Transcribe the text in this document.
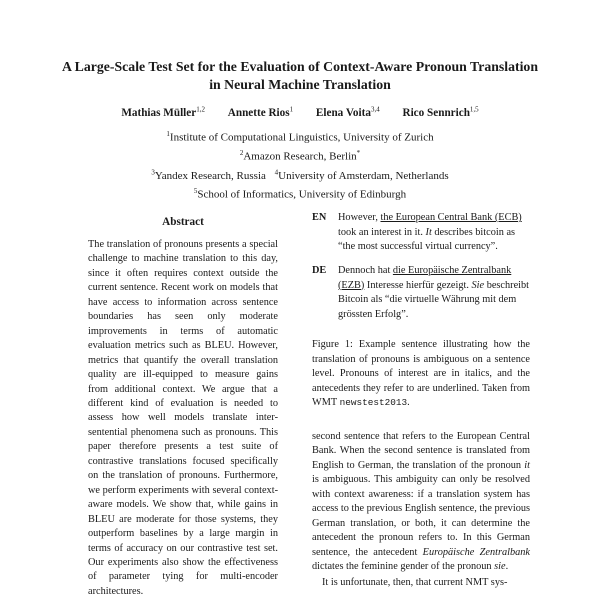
A Large-Scale Test Set for the Evaluation of Context-Aware Pronoun Translation in Neural Machine Translation
Mathias Müller$^{1,2}$ Annette Rios$^1$ Elena Voita$^{3,4}$ Rico Sennrich$^{1,5}$
$^1$Institute of Computational Linguistics, University of Zurich
$^2$Amazon Research, Berlin*
$^3$Yandex Research, Russia $^4$University of Amsterdam, Netherlands
$^5$School of Informatics, University of Edinburgh
Abstract
The translation of pronouns presents a special challenge to machine translation to this day, since it often requires context outside the current sentence. Recent work on models that have access to information across sentence boundaries has seen only moderate improvements in terms of automatic evaluation metrics such as BLEU. However, metrics that quantify the overall translation quality are ill-equipped to measure gains from additional context. We argue that a different kind of evaluation is needed to assess how well models translate inter-sentential phenomena such as pronouns. This paper therefore presents a test suite of contrastive translations focused specifically on the translation of pronouns. Furthermore, we perform experiments with several context-aware models. We show that, while gains in BLEU are moderate for those systems, they outperform baselines by a large margin in terms of accuracy on our contrastive test set. Our experiments also show the effectiveness of parameter tying for multi-encoder architectures.
EN However, the European Central Bank (ECB) took an interest in it. It describes bitcoin as “the most successful virtual currency”.
DE Dennoch hat die Europäische Zentralbank (EZB) Interesse hierfür gezeigt. Sie beschreibt Bitcoin als “die virtuelle Währung mit dem grössten Erfolg”.
Figure 1: Example sentence illustrating how the translation of pronouns is ambiguous on a sentence level. Pronouns of interest are in italics, and the antecedents they refer to are underlined. Taken from WMT newstest2013.

second sentence that refers to the European Central Bank. When the second sentence is translated from English to German, the translation of the pronoun it is ambiguous. This ambiguity can only be resolved with context awareness: if a translation system has access to the previous English sentence, the previous German translation, or both, it can determine the antecedent the pronoun refers to. In this German sentence, the antecedent Europäische Zentralbank dictates the feminine gender of the pronoun sie.

It is unfortunate, then, that current NMT sys-
